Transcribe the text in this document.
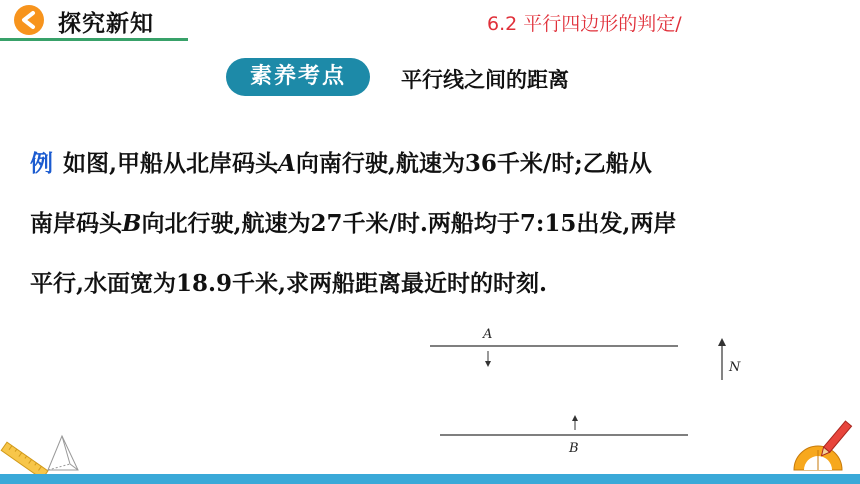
探究新知	6.2 平行四边形的判定/
素养考点	平行线之间的距离
例 如图,甲船从北岸码头A向南行驶,航速为36千米/时;乙船从
南岸码头B向北行驶,航速为27千米/时.两船均于7:15出发,两岸
平行,水面宽为18.9千米,求两船距离最近时的时刻.
A
B
N
